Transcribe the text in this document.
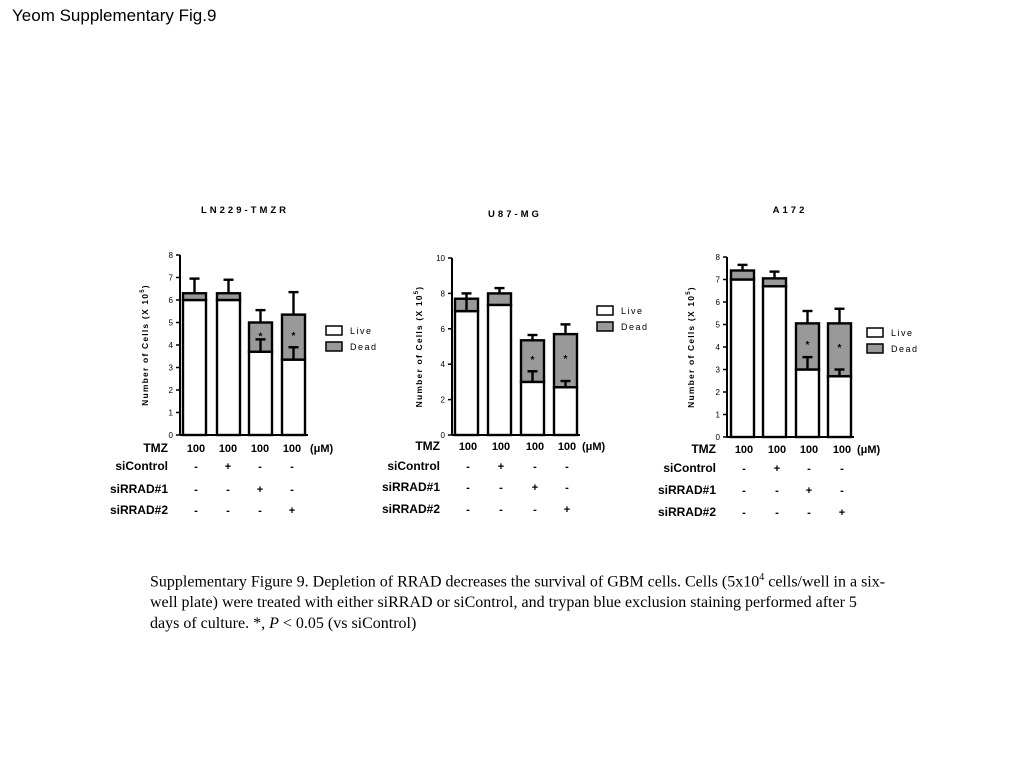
Yeom Supplementary Fig.9
LN229-TMZR
0
1
2
3
4
5
6
7
8
Number of Cells (X $10^5$)
*	*	Live
Dead
TMZ 100 100 100 100 (μM)
siControl - + -	-
siRRAD#1 -	- + -
siRRAD#2 -	-	- +
U87-MG
0
2
4
6
8
10
Number of Cells (X $10^5$)
*	*
Live
Dead
TMZ 100 100 100 100 (μM)
siControl -	+	-	-
siRRAD#1 -	-	+ -
siRRAD#2 -	-	- +
A172
0
1
2
3
4
5
6
7
8
Number of Cells (X $10^5$)
*	*
Live
Dead
TMZ 100 100 100 100 (μM)
siControl -	+ -	-
siRRAD#1 -	- +	-
siRRAD#2 -	-	-	+
Supplementary Figure 9. Depletion of RRAD decreases the survival of GBM cells. Cells ($5x10^4$ cells/well in a six-well plate) were treated with either siRRAD or siControl, and trypan blue exclusion staining performed after 5 days of culture. *, P < 0.05 (vs siControl)
